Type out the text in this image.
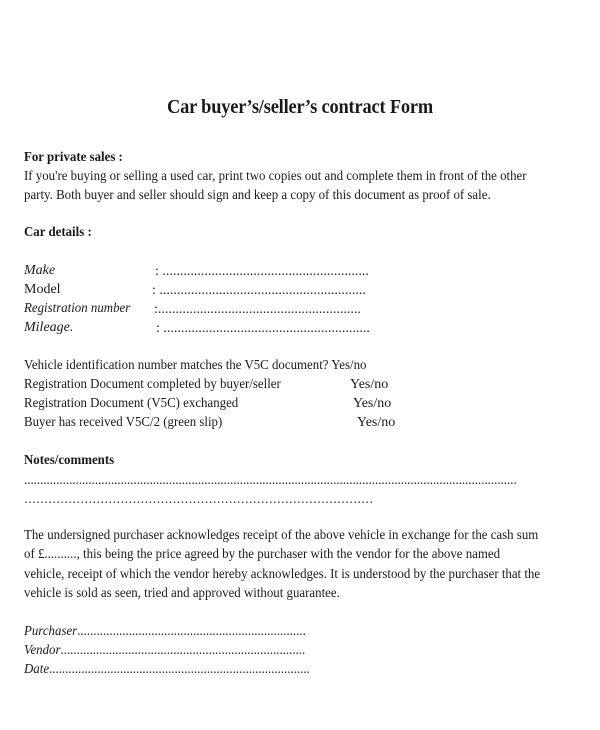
Car buyer’s/seller’s contract Form
For private sales :
If you're buying or selling a used car, print two copies out and complete them in front of the other
party. Both buyer and seller should sign and keep a copy of this document as proof of sale.
Car details :
Make	: ...........................................................
Model	: ...........................................................
Registration number	:..........................................................
Mileage.	: ...........................................................
Vehicle identification number matches the V5C document? Yes/no
Registration Document completed by buyer/seller	Yes/no
Registration Document (V5C) exchanged	Yes/no
Buyer has received V5C/2 (green slip)	Yes/no
Notes/comments
.........................................................................................................................................................
……………………………………………………………………………
The undersigned purchaser acknowledges receipt of the above vehicle in exchange for the cash sum
of £.........., this being the price agreed by the purchaser with the vendor for the above named
vehicle, receipt of which the vendor hereby acknowledges. It is understood by the purchaser that the
vehicle is sold as seen, tried and approved without guarantee.
Purchaser.......................................................................
Vendor............................................................................
Date.................................................................................
